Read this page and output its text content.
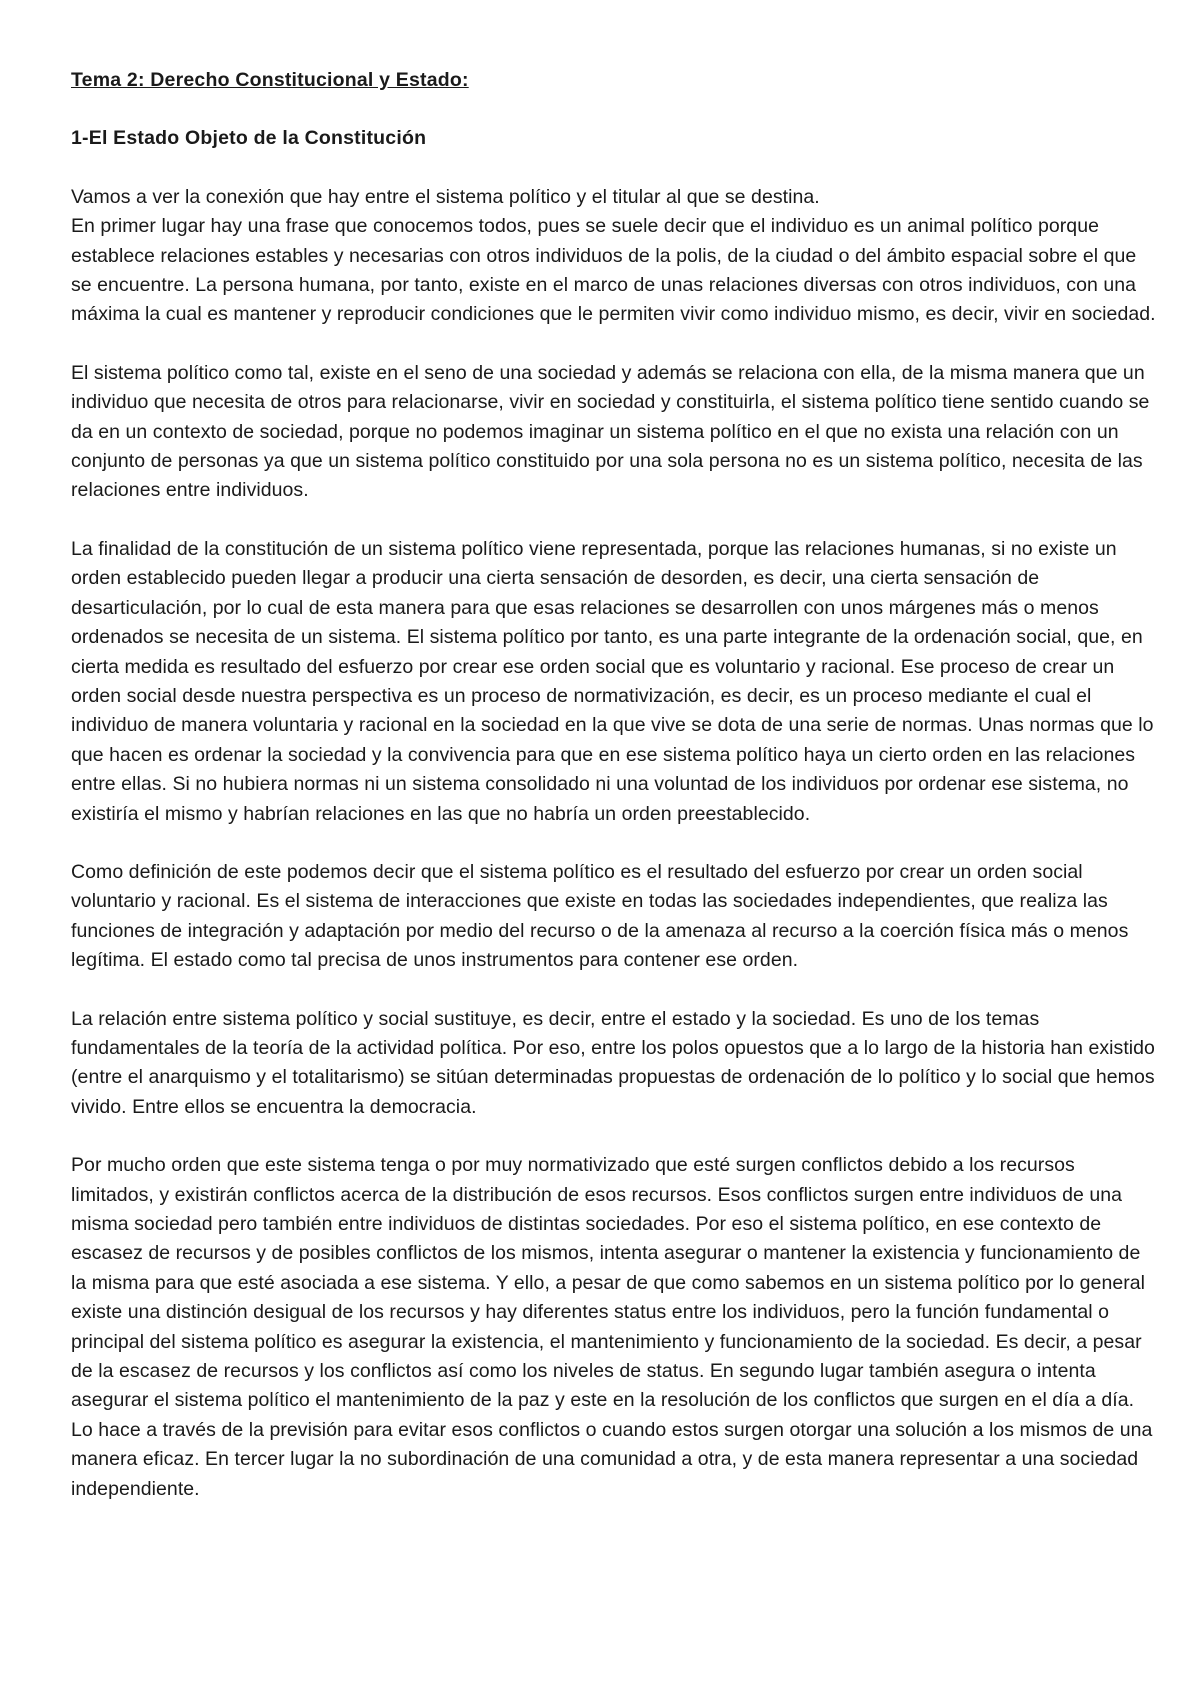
Tema 2: Derecho Constitucional y Estado:
1-El Estado Objeto de la Constitución

Vamos a ver la conexión que hay entre el sistema político y el titular al que se destina.

En primer lugar hay una frase que conocemos todos, pues se suele decir que el individuo es un animal político porque establece relaciones estables y necesarias con otros individuos de la polis, de la ciudad o del ámbito espacial sobre el que se encuentre. La persona humana, por tanto, existe en el marco de unas relaciones diversas con otros individuos, con una máxima la cual es mantener y reproducir condiciones que le permiten vivir como individuo mismo, es decir, vivir en sociedad.

El sistema político como tal, existe en el seno de una sociedad y además se relaciona con ella, de la misma manera que un individuo que necesita de otros para relacionarse, vivir en sociedad y constituirla, el sistema político tiene sentido cuando se da en un contexto de sociedad, porque no podemos imaginar un sistema político en el que no exista una relación con un conjunto de personas ya que un sistema político constituido por una sola persona no es un sistema político, necesita de las relaciones entre individuos.

La finalidad de la constitución de un sistema político viene representada, porque las relaciones humanas, si no existe un orden establecido pueden llegar a producir una cierta sensación de desorden, es decir, una cierta sensación de desarticulación, por lo cual de esta manera para que esas relaciones se desarrollen con unos márgenes más o menos ordenados se necesita de un sistema. El sistema político por tanto, es una parte integrante de la ordenación social, que, en cierta medida es resultado del esfuerzo por crear ese orden social que es voluntario y racional. Ese proceso de crear un orden social desde nuestra perspectiva es un proceso de normativización, es decir, es un proceso mediante el cual el individuo de manera voluntaria y racional en la sociedad en la que vive se dota de una serie de normas. Unas normas que lo que hacen es ordenar la sociedad y la convivencia para que en ese sistema político haya un cierto orden en las relaciones entre ellas. Si no hubiera normas ni un sistema consolidado ni una voluntad de los individuos por ordenar ese sistema, no existiría el mismo y habrían relaciones en las que no habría un orden preestablecido.

Como definición de este podemos decir que el sistema político es el resultado del esfuerzo por crear un orden social voluntario y racional. Es el sistema de interacciones que existe en todas las sociedades independientes, que realiza las funciones de integración y adaptación por medio del recurso o de la amenaza al recurso a la coerción física más o menos legítima. El estado como tal precisa de unos instrumentos para contener ese orden.

La relación entre sistema político y social sustituye, es decir, entre el estado y la sociedad. Es uno de los temas fundamentales de la teoría de la actividad política. Por eso, entre los polos opuestos que a lo largo de la historia han existido (entre el anarquismo y el totalitarismo) se sitúan determinadas propuestas de ordenación de lo político y lo social que hemos vivido. Entre ellos se encuentra la democracia.

Por mucho orden que este sistema tenga o por muy normativizado que esté surgen conflictos debido a los recursos limitados, y existirán conflictos acerca de la distribución de esos recursos. Esos conflictos surgen entre individuos de una misma sociedad pero también entre individuos de distintas sociedades. Por eso el sistema político, en ese contexto de escasez de recursos y de posibles conflictos de los mismos, intenta asegurar o mantener la existencia y funcionamiento de la misma para que esté asociada a ese sistema. Y ello, a pesar de que como sabemos en un sistema político por lo general existe una distinción desigual de los recursos y hay diferentes status entre los individuos, pero la función fundamental o principal del sistema político es asegurar la existencia, el mantenimiento y funcionamiento de la sociedad. Es decir, a pesar de la escasez de recursos y los conflictos así como los niveles de status. En segundo lugar también asegura o intenta asegurar el sistema político el mantenimiento de la paz y este en la resolución de los conflictos que surgen en el día a día. Lo hace a través de la previsión para evitar esos conflictos o cuando estos surgen otorgar una solución a los mismos de una manera eficaz. En tercer lugar la no subordinación de una comunidad a otra, y de esta manera representar a una sociedad independiente.
